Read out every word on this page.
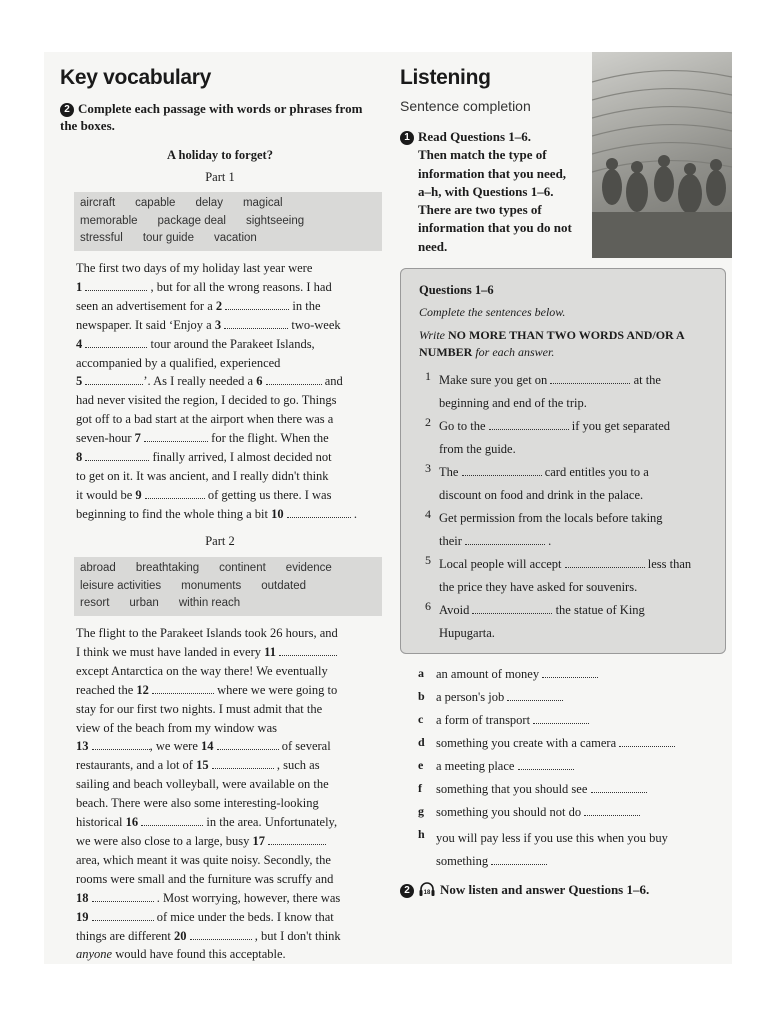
Key vocabulary
2 Complete each passage with words or phrases from the boxes.
A holiday to forget?
Part 1
aircraft capable delay magical
memorable package deal sightseeing
stressful tour guide vacation
The first two days of my holiday last year were
1	, but for all the wrong reasons. I had
seen an advertisement for a 2	in the
newspaper. It said ‘Enjoy a 3	two-week
4	tour around the Parakeet Islands,
accompanied by a qualified, experienced
5	’. As I really needed a 6	and
had never visited the region, I decided to go. Things
got off to a bad start at the airport when there was a
seven-hour 7	for the flight. When the
8	finally arrived, I almost decided not
to get on it. It was ancient, and I really didn't think
it would be 9	of getting us there. I was
beginning to find the whole thing a bit 10	.
Part 2
abroad breathtaking continent evidence
leisure activities monuments outdated
resort urban within reach
The flight to the Parakeet Islands took 26 hours, and
I think we must have landed in every 11
except Antarctica on the way there! We eventually
reached the 12	where we were going to
stay for our first two nights. I must admit that the
view of the beach from my window was
13	, we were 14	of several
restaurants, and a lot of 15	, such as
sailing and beach volleyball, were available on the
beach. There were also some interesting-looking
historical 16	in the area. Unfortunately,
we were also close to a large, busy 17
area, which meant it was quite noisy. Secondly, the
rooms were small and the furniture was scruffy and
18	. Most worrying, however, there was
19	of mice under the beds. I know that
things are different 20	, but I don't think
anyone would have found this acceptable.
Listening
Sentence completion
1 Read Questions 1–6.
Then match the type of
information that you need,
a–h, with Questions 1–6.
There are two types of
information that you do not
need.
Questions 1–6
Complete the sentences below.
Write NO MORE THAN TWO WORDS AND/OR A NUMBER for each answer.
1 Make sure you get on	at the
beginning and end of the trip.
2 Go to the	if you get separated
from the guide.
3 The	card entitles you to a
discount on food and drink in the palace.
4 Get permission from the locals before taking
their	.
5 Local people will accept	less than
the price they have asked for souvenirs.
6 Avoid	the statue of King
Hupugarta.
a an amount of money
b a person's job
c	a form of transport
d something you create with a camera
e	a meeting place
f	something that you should see
g something you should not do
h you will pay less if you use this when you buy
something
2 18 Now listen and answer Questions 1–6.
